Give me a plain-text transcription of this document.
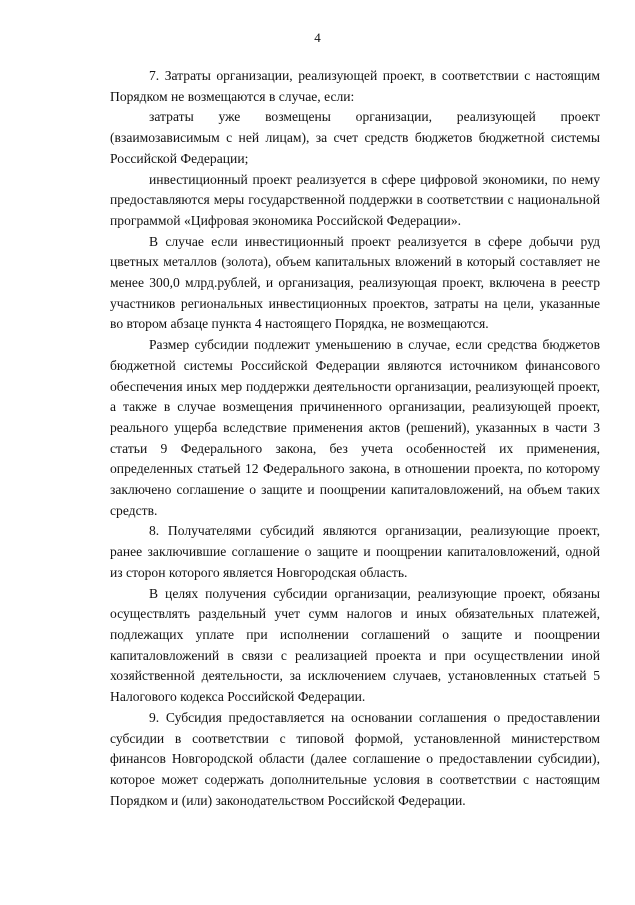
4

7. Затраты организации, реализующей проект, в соответствии с настоящим Порядком не возмещаются в случае, если:

затраты уже возмещены организации, реализующей проект (взаимозависимым с ней лицам), за счет средств бюджетов бюджетной системы Российской Федерации;

инвестиционный проект реализуется в сфере цифровой экономики, по нему предоставляются меры государственной поддержки в соответствии с национальной программой «Цифровая экономика Российской Федерации».

В случае если инвестиционный проект реализуется в сфере добычи руд цветных металлов (золота), объем капитальных вложений в который составляет не менее 300,0 млрд.рублей, и организация, реализующая проект, включена в реестр участников региональных инвестиционных проектов, затраты на цели, указанные во втором абзаце пункта 4 настоящего Порядка, не возмещаются.

Размер субсидии подлежит уменьшению в случае, если средства бюджетов бюджетной системы Российской Федерации являются источником финансового обеспечения иных мер поддержки деятельности организации, реализующей проект, а также в случае возмещения причиненного организации, реализующей проект, реального ущерба вследствие применения актов (решений), указанных в части 3 статьи 9 Федерального закона, без учета особенностей их применения, определенных статьей 12 Федерального закона, в отношении проекта, по которому заключено соглашение о защите и поощрении капиталовложений, на объем таких средств.

8. Получателями субсидий являются организации, реализующие проект, ранее заключившие соглашение о защите и поощрении капиталовложений, одной из сторон которого является Новгородская область.

В целях получения субсидии организации, реализующие проект, обязаны осуществлять раздельный учет сумм налогов и иных обязательных платежей, подлежащих уплате при исполнении соглашений о защите и поощрении капиталовложений в связи с реализацией проекта и при осуществлении иной хозяйственной деятельности, за исключением случаев, установленных статьей 5 Налогового кодекса Российской Федерации.

9. Субсидия предоставляется на основании соглашения о предоставлении субсидии в соответствии с типовой формой, установленной министерством финансов Новгородской области (далее соглашение о предоставлении субсидии), которое может содержать дополнительные условия в соответствии с настоящим Порядком и (или) законодательством Российской Федерации.
